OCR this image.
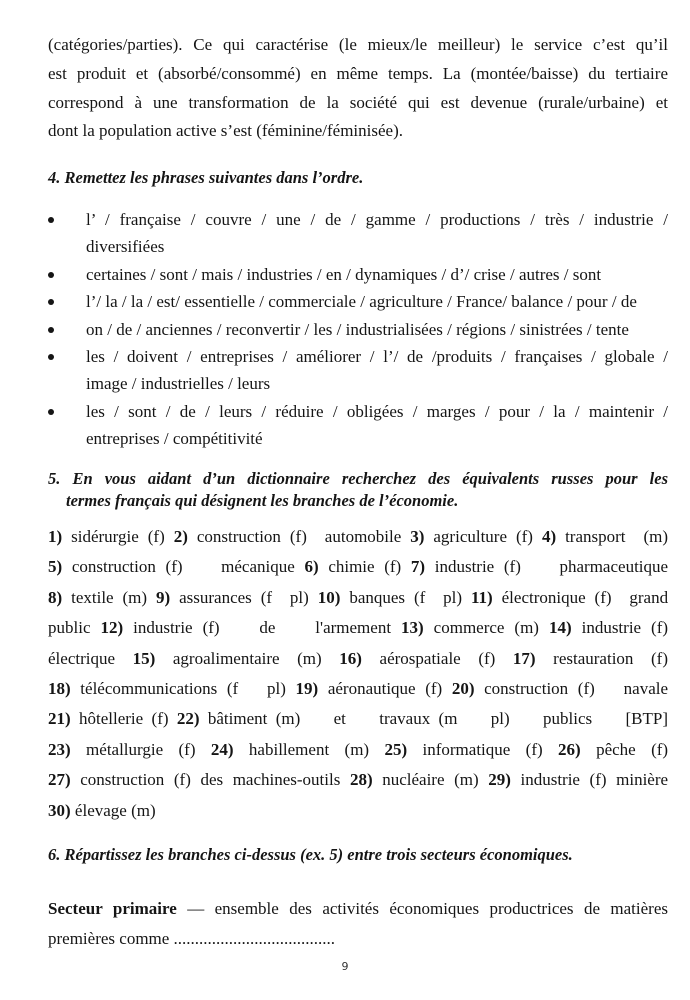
(catégories/parties). Ce qui caractérise (le mieux/le meilleur) le service c’est qu’il
est produit et (absorbé/consommé) en même temps. La (montée/baisse) du tertiaire
correspond à une transformation de la société qui est devenue (rurale/urbaine) et
dont la population active s’est (féminine/féminisée).
4. Remettez les phrases suivantes dans l’ordre.
l’ / française / couvre / une / de / gamme / productions / très / industrie /
diversifiées
certaines / sont / mais / industries / en / dynamiques / d’/ crise / autres / sont
l’/ la / la / est/ essentielle / commerciale / agriculture / France/ balance / pour / de
on / de / anciennes / reconvertir / les / industrialisées / régions / sinistrées / tente
les / doivent / entreprises / améliorer / l’/ de /produits / françaises / globale /
image / industrielles / leurs
les / sont / de / leurs / réduire / obligées / marges / pour / la / maintenir /
entreprises / compétitivité
5. En vous aidant d’un dictionnaire recherchez des équivalents russes pour les
termes français qui désignent les branches de l’économie.
1) sidérurgie (f) 2) construction (f)  automobile 3) agriculture (f) 4) transport  (m)
5) construction (f)    mécanique 6) chimie (f) 7) industrie (f)    pharmaceutique
8) textile (m) 9) assurances (f  pl) 10) banques (f  pl) 11) électronique (f)  grand
public 12) industrie (f)    de    l'armement 13) commerce (m) 14) industrie (f)
électrique 15) agroalimentaire (m) 16) aérospatiale (f) 17) restauration (f)
18) télécommunications (f   pl) 19) aéronautique (f) 20) construction (f)   navale
21) hôtellerie (f) 22) bâtiment (m)    et    travaux (m    pl)    publics    [BTP]
23) métallurgie (f) 24) habillement (m) 25) informatique (f) 26) pêche (f)
27) construction (f) des machines-outils 28) nucléaire (m) 29) industrie (f) minière
30) élevage (m)
6. Répartissez les branches ci-dessus (ex. 5) entre trois secteurs économiques.
Secteur primaire — ensemble des activités économiques productrices de matières
premières comme ......................................
9
